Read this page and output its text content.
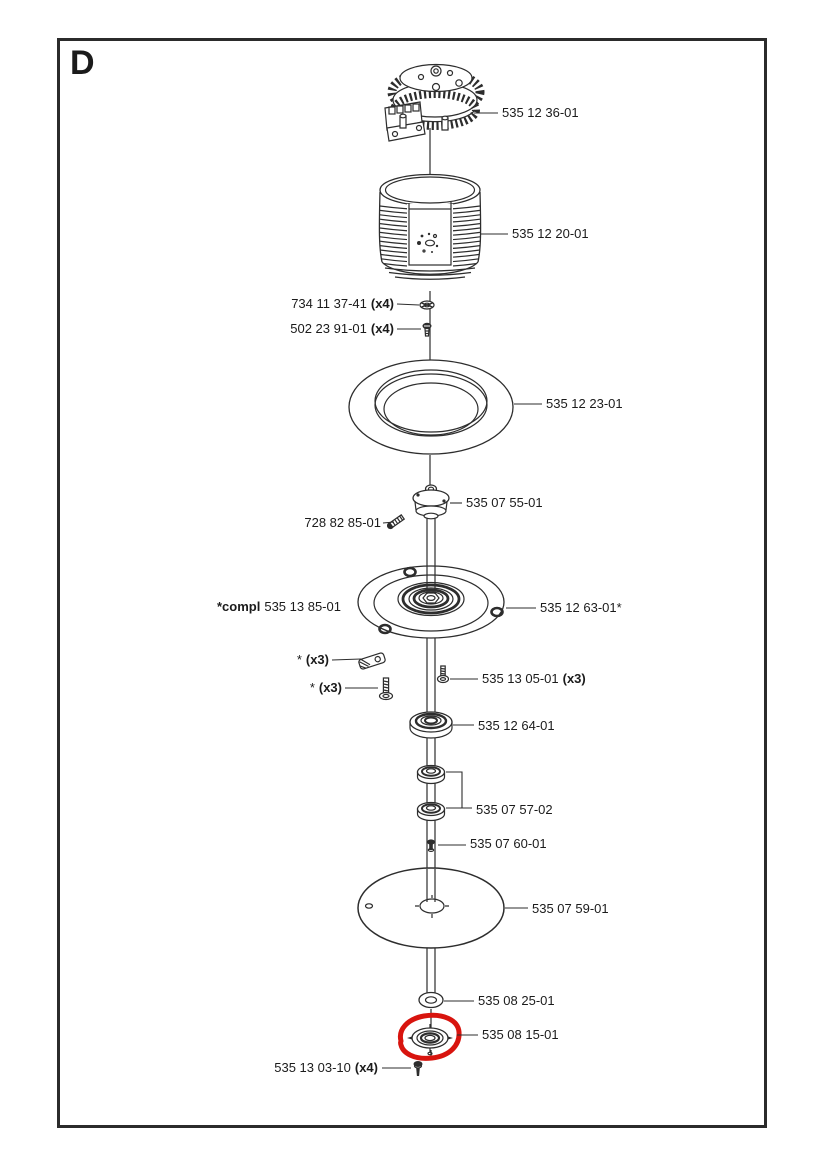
D
535 12 36-01
535 12 20-01
734 11 37-41 (x4)
502 23 91-01 (x4)
535 12 23-01
535 07 55-01
728 82 85-01
*compl 535 13 85-01	535 12 63-01*
* (x3)
* (x3)
535 13 05-01 (x3)
535 12 64-01
535 07 57-02
535 07 60-01
535 07 59-01
535 08 25-01
535 08 15-01
535 13 03-10 (x4)
